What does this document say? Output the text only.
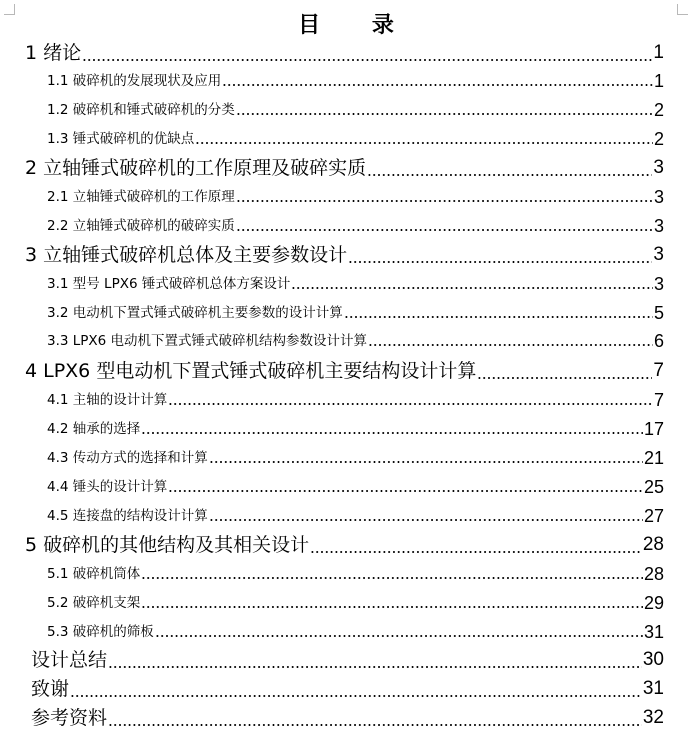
目 录
1 绪论	1
1.1 破碎机的发展现状及应用	1
1.2 破碎机和锤式破碎机的分类	2
1.3 锤式破碎机的优缺点	2
2 立轴锤式破碎机的工作原理及破碎实质	3
2.1 立轴锤式破碎机的工作原理	3
2.2 立轴锤式破碎机的破碎实质	3
3 立轴锤式破碎机总体及主要参数设计	3
3.1 型号 LPX6 锤式破碎机总体方案设计	3
3.2 电动机下置式锤式破碎机主要参数的设计计算	5
3.3 LPX6 电动机下置式锤式破碎机结构参数设计计算	6
4 LPX6 型电动机下置式锤式破碎机主要结构设计计算	7
4.1 主轴的设计计算	7
4.2 轴承的选择	17
4.3 传动方式的选择和计算	21
4.4 锤头的设计计算	25
4.5 连接盘的结构设计计算	27
5 破碎机的其他结构及其相关设计	28
5.1 破碎机筒体	28
5.2 破碎机支架	29
5.3 破碎机的筛板	31
设计总结	30
致谢	31
参考资料	32
